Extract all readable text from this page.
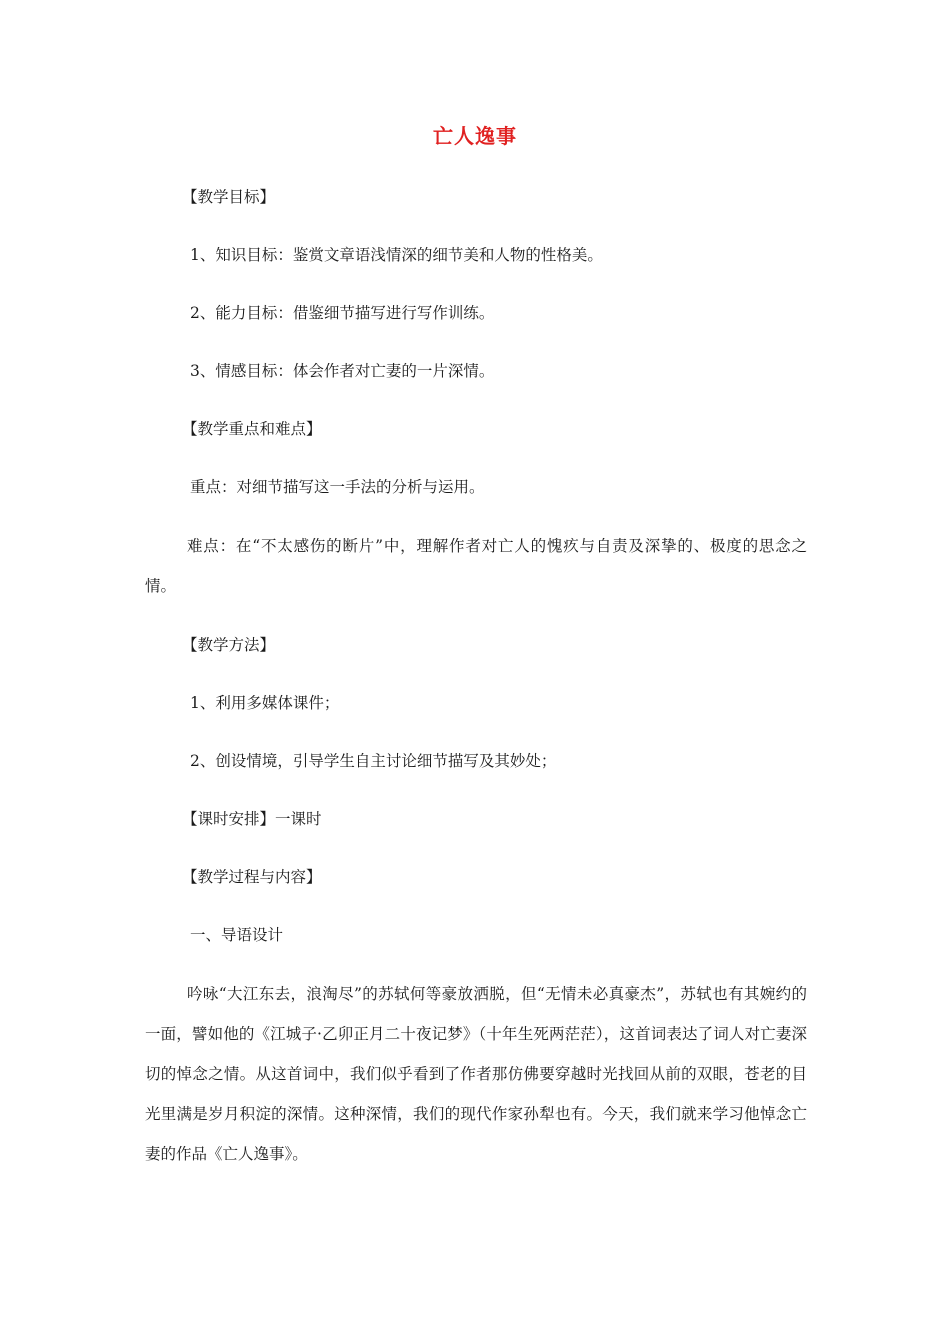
亡人逸事
【教学目标】
1、知识目标：鉴赏文章语浅情深的细节美和人物的性格美。
2、能力目标：借鉴细节描写进行写作训练。
3、情感目标：体会作者对亡妻的一片深情。
【教学重点和难点】
重点：对细节描写这一手法的分析与运用。
难点：在“不太感伤的断片”中，理解作者对亡人的愧疚与自责及深挚的、极度的思念之情。
【教学方法】
1、利用多媒体课件；
2、创设情境，引导学生自主讨论细节描写及其妙处；
【课时安排】一课时
【教学过程与内容】
一、导语设计
吟咏“大江东去，浪淘尽”的苏轼何等豪放洒脱，但“无情未必真豪杰”，苏轼也有其婉约的一面，譬如他的《江城子·乙卯正月二十夜记梦》（十年生死两茫茫），这首词表达了词人对亡妻深切的悼念之情。从这首词中，我们似乎看到了作者那仿佛要穿越时光找回从前的双眼，苍老的目光里满是岁月积淀的深情。这种深情，我们的现代作家孙犁也有。今天，我们就来学习他悼念亡妻的作品《亡人逸事》。
